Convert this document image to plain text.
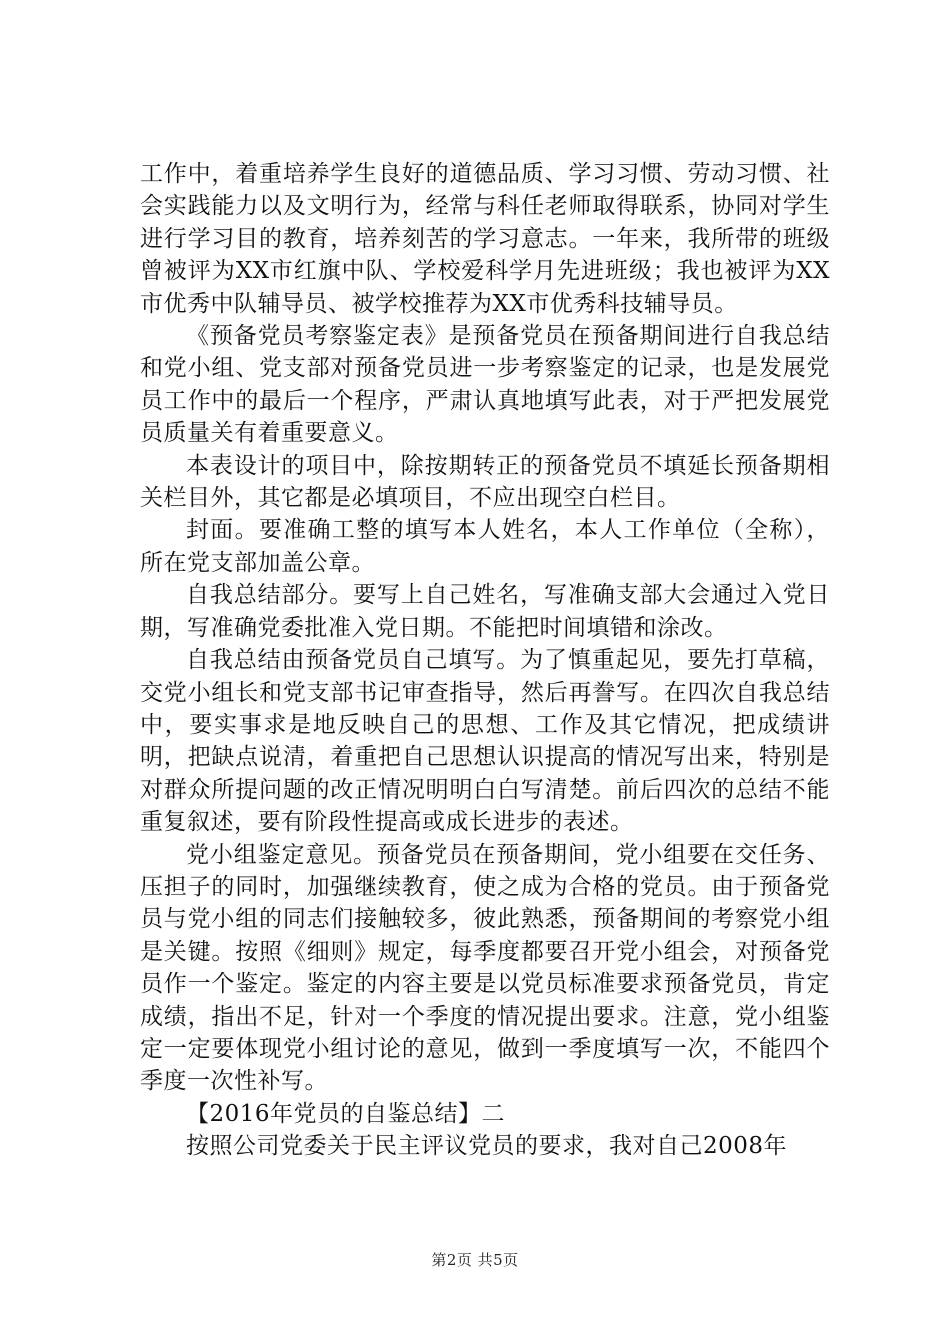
工作中，着重培养学生良好的道德品质、学习习惯、劳动习惯、社会实践能力以及文明行为，经常与科任老师取得联系，协同对学生进行学习目的教育，培养刻苦的学习意志。一年来，我所带的班级曾被评为XX市红旗中队、学校爱科学月先进班级；我也被评为XX市优秀中队辅导员、被学校推荐为XX市优秀科技辅导员。

《预备党员考察鉴定表》是预备党员在预备期间进行自我总结和党小组、党支部对预备党员进一步考察鉴定的记录，也是发展党员工作中的最后一个程序，严肃认真地填写此表，对于严把发展党员质量关有着重要意义。

本表设计的项目中，除按期转正的预备党员不填延长预备期相关栏目外，其它都是必填项目，不应出现空白栏目。

封面。要准确工整的填写本人姓名，本人工作单位（全称），所在党支部加盖公章。

自我总结部分。要写上自己姓名，写准确支部大会通过入党日期，写准确党委批准入党日期。不能把时间填错和涂改。

自我总结由预备党员自己填写。为了慎重起见，要先打草稿，交党小组长和党支部书记审查指导，然后再誊写。在四次自我总结中，要实事求是地反映自己的思想、工作及其它情况，把成绩讲明，把缺点说清，着重把自己思想认识提高的情况写出来，特别是对群众所提问题的改正情况明明白白写清楚。前后四次的总结不能重复叙述，要有阶段性提高或成长进步的表述。

党小组鉴定意见。预备党员在预备期间，党小组要在交任务、压担子的同时，加强继续教育，使之成为合格的党员。由于预备党员与党小组的同志们接触较多，彼此熟悉，预备期间的考察党小组是关键。按照《细则》规定，每季度都要召开党小组会，对预备党员作一个鉴定。鉴定的内容主要是以党员标准要求预备党员，肯定成绩，指出不足，针对一个季度的情况提出要求。注意，党小组鉴定一定要体现党小组讨论的意见，做到一季度填写一次，不能四个季度一次性补写。

【2016年党员的自鉴总结】二

按照公司党委关于民主评议党员的要求，我对自己2008年

第2页 共5页
